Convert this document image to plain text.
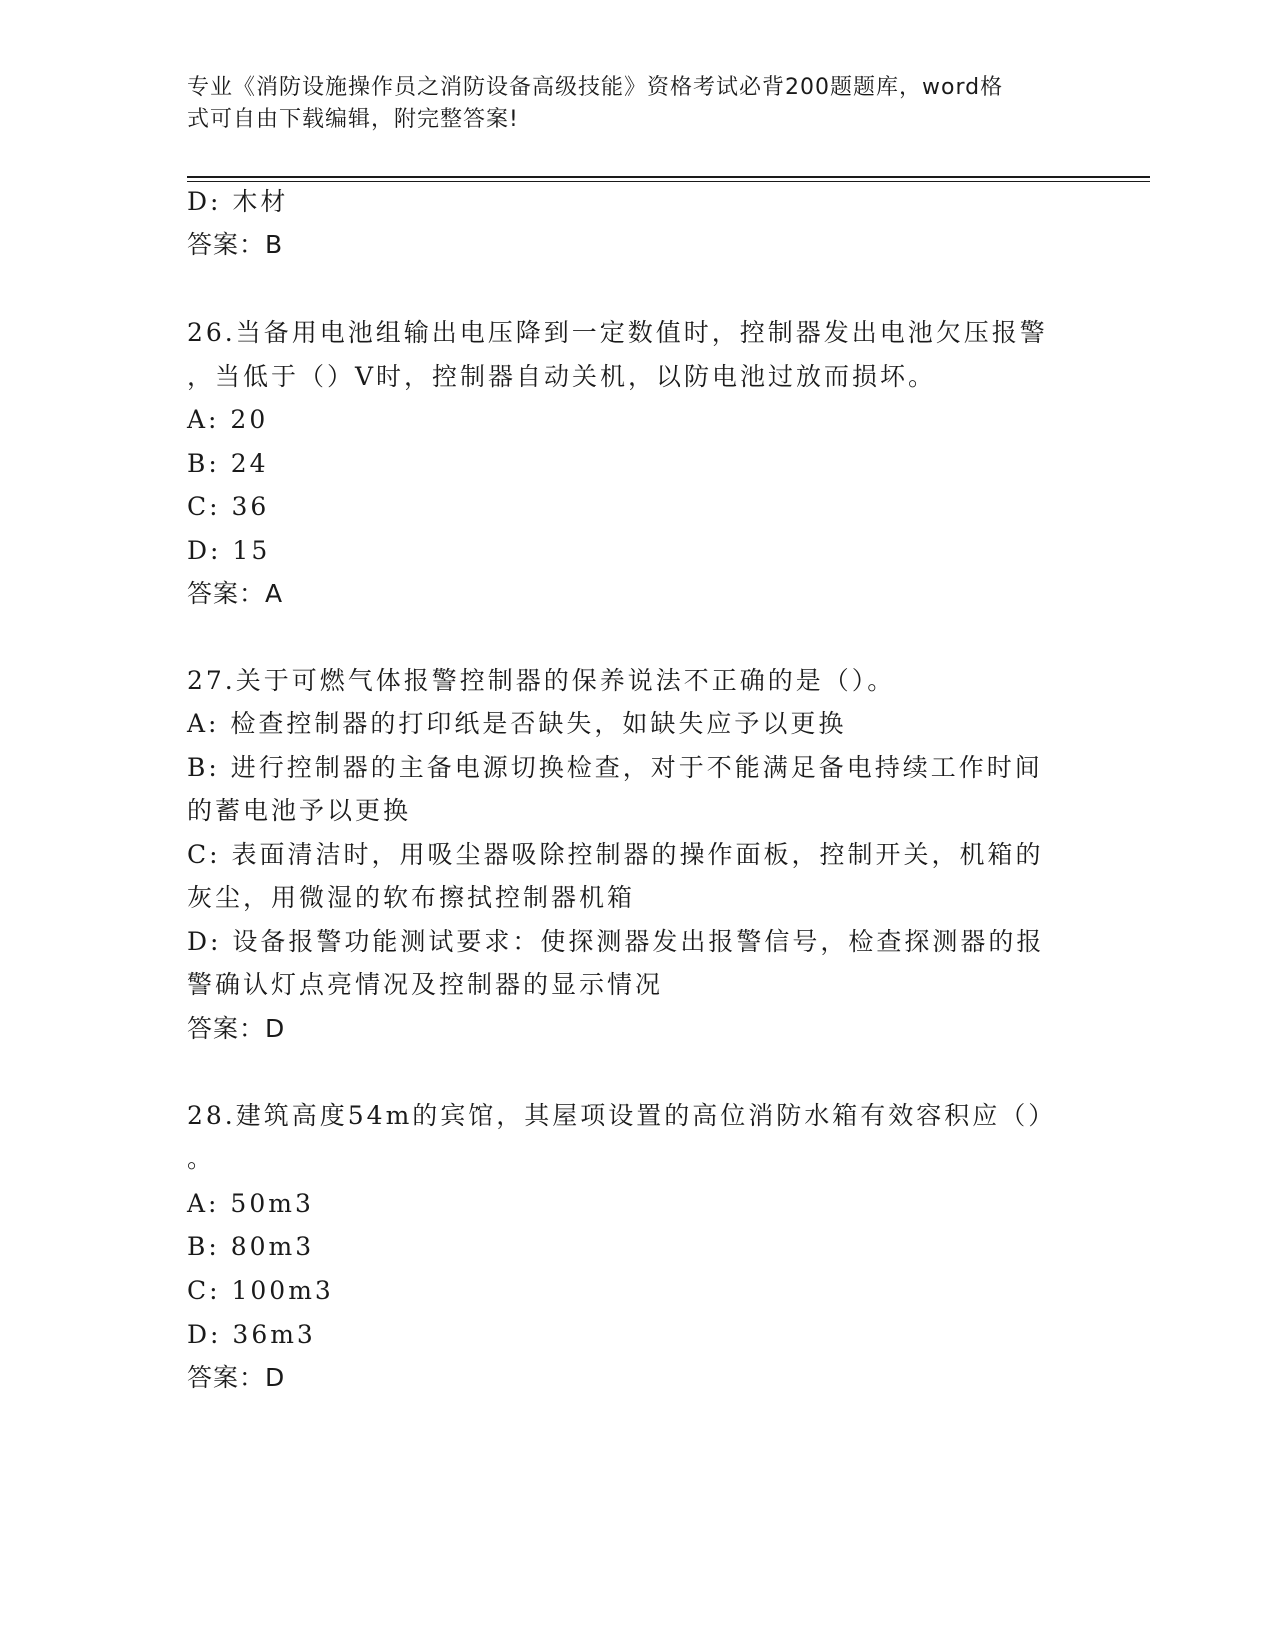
专业《消防设施操作员之消防设备高级技能》资格考试必背200题题库，word格
式可自由下载编辑，附完整答案!
D: 木材
答案：B
26.当备用电池组输出电压降到一定数值时，控制器发出电池欠压报警
，当低于（）V时，控制器自动关机，以防电池过放而损坏。
A: 20
B: 24
C: 36
D: 15
答案：A
27.关于可燃气体报警控制器的保养说法不正确的是（）。
A: 检查控制器的打印纸是否缺失，如缺失应予以更换
B: 进行控制器的主备电源切换检查，对于不能满足备电持续工作时间
的蓄电池予以更换
C: 表面清洁时，用吸尘器吸除控制器的操作面板，控制开关，机箱的
灰尘，用微湿的软布擦拭控制器机箱
D: 设备报警功能测试要求：使探测器发出报警信号，检查探测器的报
警确认灯点亮情况及控制器的显示情况
答案：D
28.建筑高度54m的宾馆，其屋项设置的高位消防水箱有效容积应（）
。
A: 50m3
B: 80m3
C: 100m3
D: 36m3
答案：D
